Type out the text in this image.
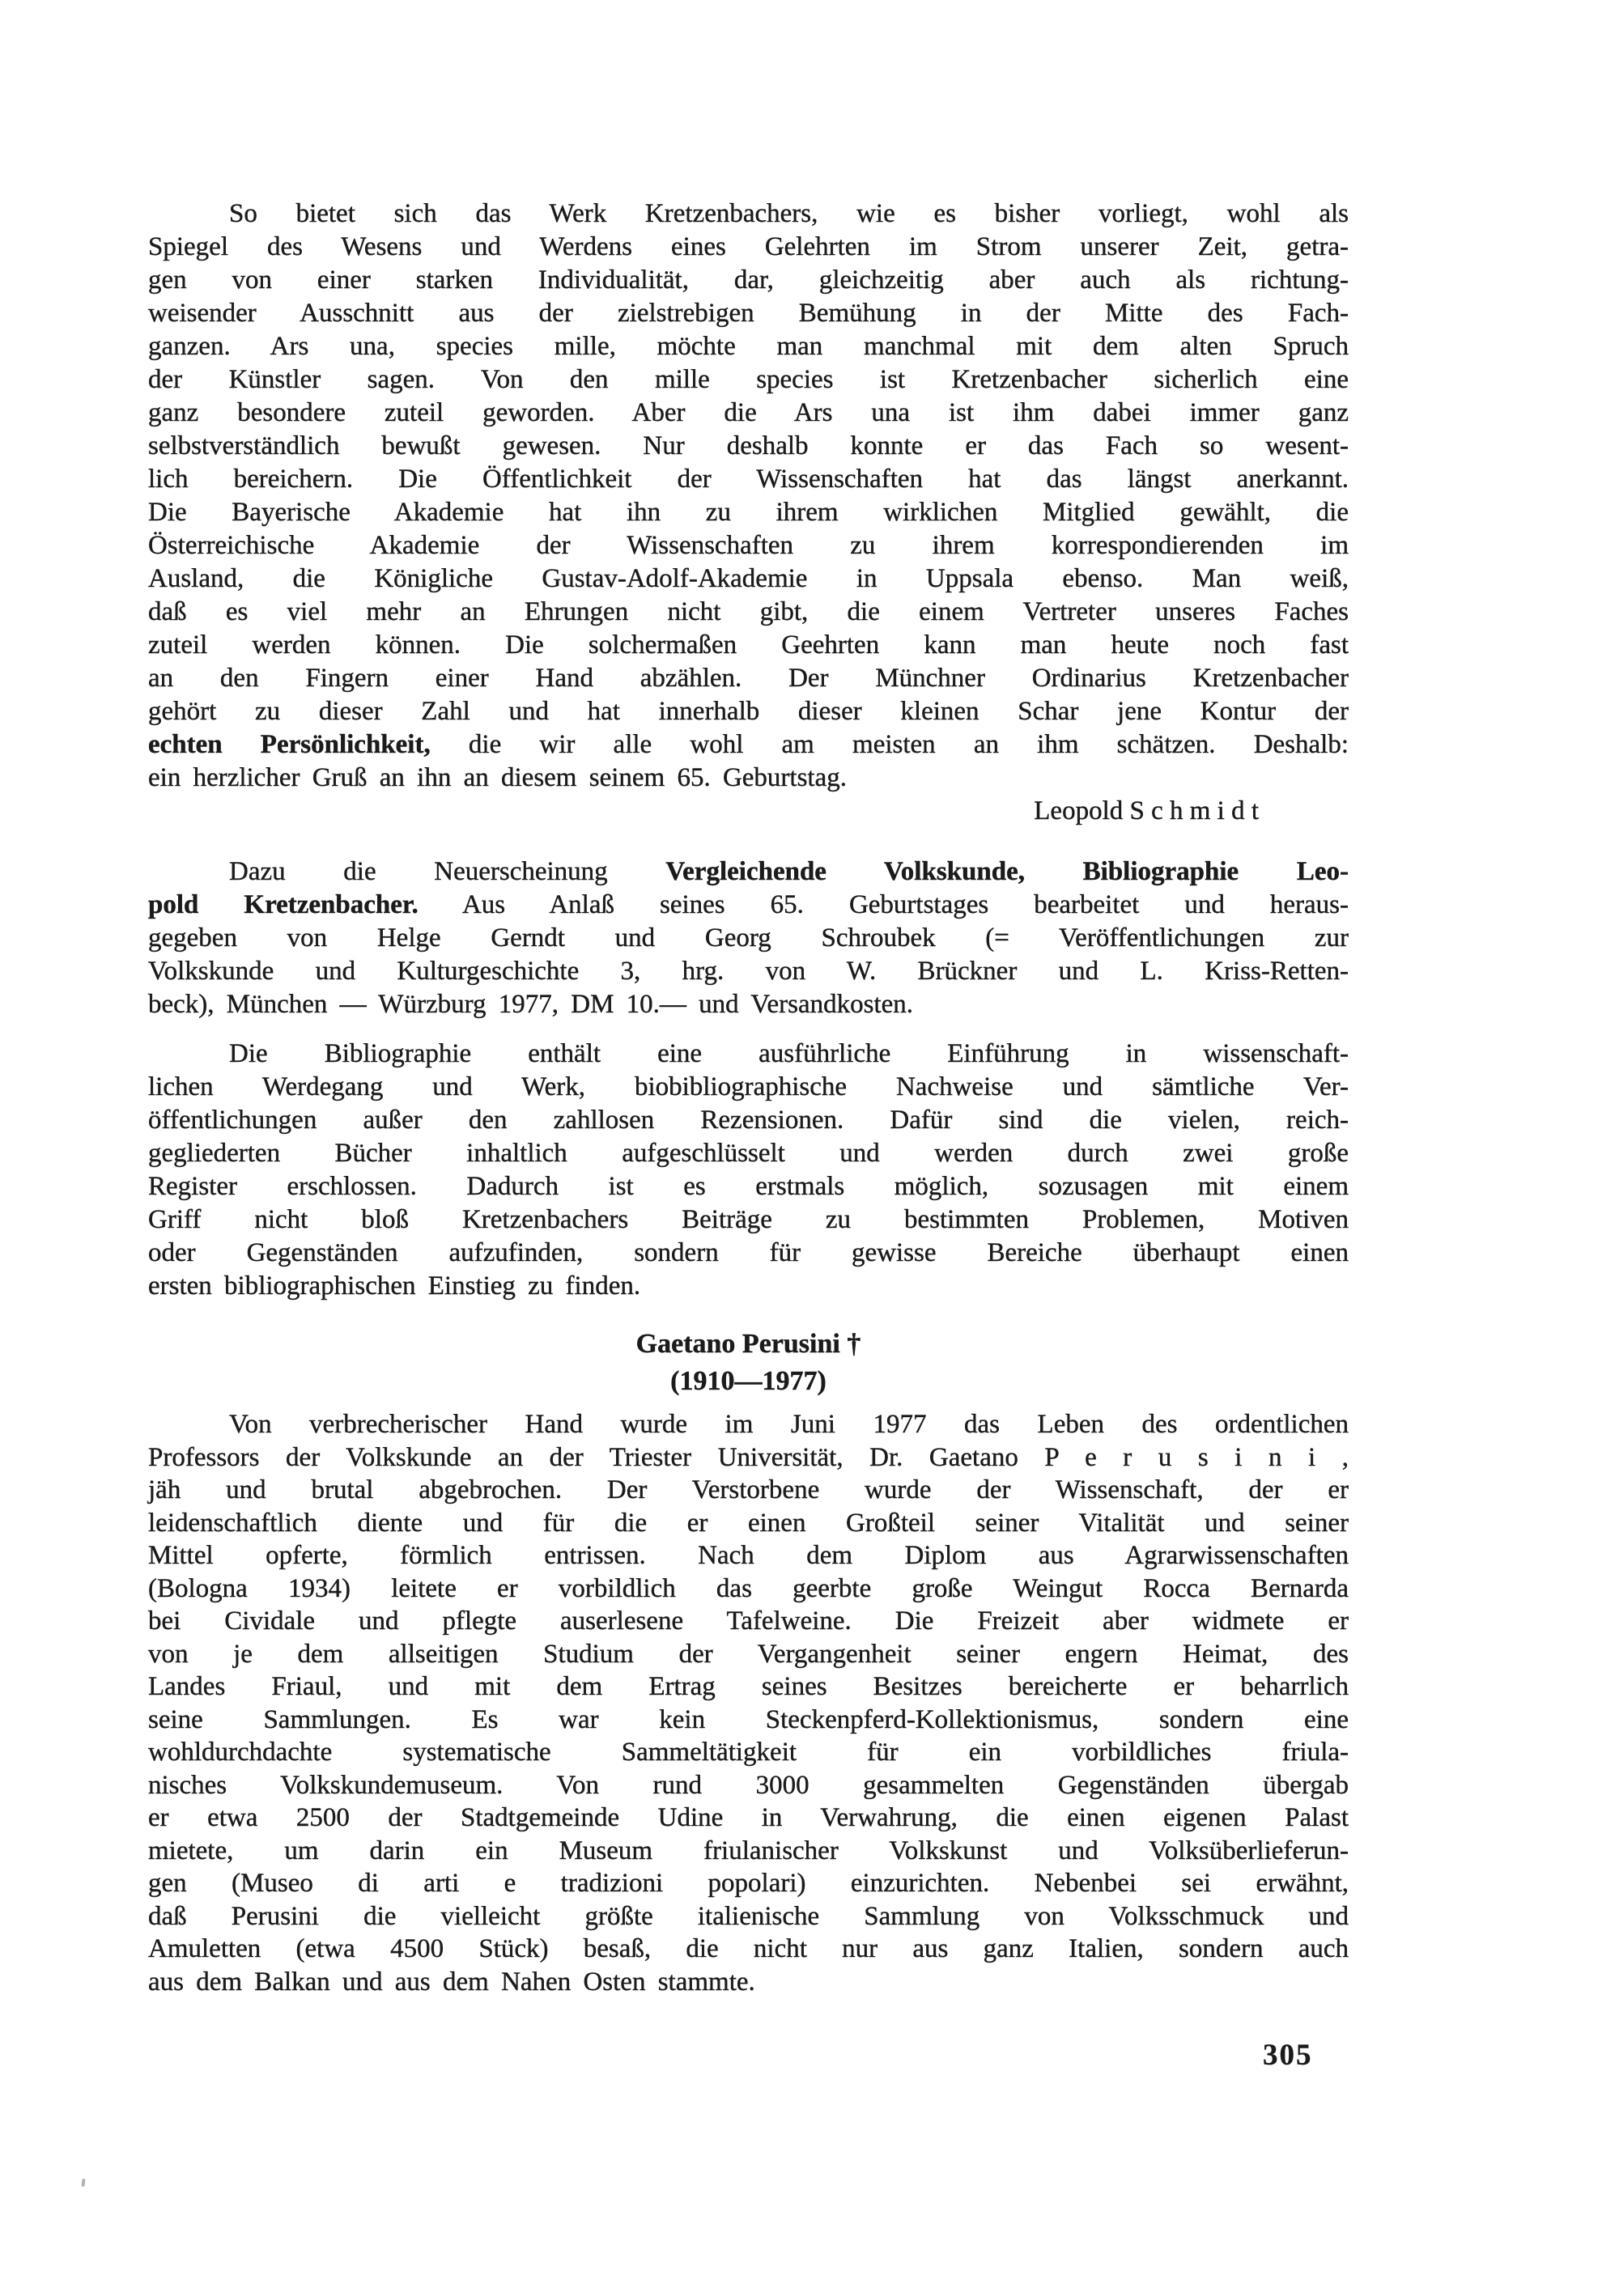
So bietet sich das Werk Kretzenbachers, wie es bisher vorliegt, wohl als
Spiegel des Wesens und Werdens eines Gelehrten im Strom unserer Zeit, getra-
gen von einer starken Individualität, dar, gleichzeitig aber auch als richtung-
weisender Ausschnitt aus der zielstrebigen Bemühung in der Mitte des Fach-
ganzen. Ars una, species mille, möchte man manchmal mit dem alten Spruch
der Künstler sagen. Von den mille species ist Kretzenbacher sicherlich eine
ganz besondere zuteil geworden. Aber die Ars una ist ihm dabei immer ganz
selbstverständlich bewußt gewesen. Nur deshalb konnte er das Fach so wesent-
lich bereichern. Die Öffentlichkeit der Wissenschaften hat das längst anerkannt.
Die Bayerische Akademie hat ihn zu ihrem wirklichen Mitglied gewählt, die
Österreichische Akademie der Wissenschaften zu ihrem korrespondierenden im
Ausland, die Königliche Gustav-Adolf-Akademie in Uppsala ebenso. Man weiß,
daß es viel mehr an Ehrungen nicht gibt, die einem Vertreter unseres Faches
zuteil werden können. Die solchermaßen Geehrten kann man heute noch fast
an den Fingern einer Hand abzählen. Der Münchner Ordinarius Kretzenbacher
gehört zu dieser Zahl und hat innerhalb dieser kleinen Schar jene Kontur der
echten Persönlichkeit, die wir alle wohl am meisten an ihm schätzen. Deshalb:
ein herzlicher Gruß an ihn an diesem seinem 65. Geburtstag.
Leopold S c h m i d t
Dazu die Neuerscheinung Vergleichende Volkskunde, Bibliographie Leo-
pold Kretzenbacher. Aus Anlaß seines 65. Geburtstages bearbeitet und heraus-
gegeben von Helge Gerndt und Georg Schroubek (= Veröffentlichungen zur
Volkskunde und Kulturgeschichte 3, hrg. von W. Brückner und L. Kriss-Retten-
beck), München — Würzburg 1977, DM 10.— und Versandkosten.
Die Bibliographie enthält eine ausführliche Einführung in wissenschaft-
lichen Werdegang und Werk, biobibliographische Nachweise und sämtliche Ver-
öffentlichungen außer den zahllosen Rezensionen. Dafür sind die vielen, reich-
gegliederten Bücher inhaltlich aufgeschlüsselt und werden durch zwei große
Register erschlossen. Dadurch ist es erstmals möglich, sozusagen mit einem
Griff nicht bloß Kretzenbachers Beiträge zu bestimmten Problemen, Motiven
oder Gegenständen aufzufinden, sondern für gewisse Bereiche überhaupt einen
ersten bibliographischen Einstieg zu finden.
Gaetano Perusini †
(1910—1977)
Von verbrecherischer Hand wurde im Juni 1977 das Leben des ordentlichen
Professors der Volkskunde an der Triester Universität, Dr. Gaetano P e r u s i n i ,
jäh und brutal abgebrochen. Der Verstorbene wurde der Wissenschaft, der er
leidenschaftlich diente und für die er einen Großteil seiner Vitalität und seiner
Mittel opferte, förmlich entrissen. Nach dem Diplom aus Agrarwissenschaften
(Bologna 1934) leitete er vorbildlich das geerbte große Weingut Rocca Bernarda
bei Cividale und pflegte auserlesene Tafelweine. Die Freizeit aber widmete er
von je dem allseitigen Studium der Vergangenheit seiner engern Heimat, des
Landes Friaul, und mit dem Ertrag seines Besitzes bereicherte er beharrlich
seine Sammlungen. Es war kein Steckenpferd-Kollektionismus, sondern eine
wohldurchdachte systematische Sammeltätigkeit für ein vorbildliches friula-
nisches Volkskundemuseum. Von rund 3000 gesammelten Gegenständen übergab
er etwa 2500 der Stadtgemeinde Udine in Verwahrung, die einen eigenen Palast
mietete, um darin ein Museum friulanischer Volkskunst und Volksüberlieferun-
gen (Museo di arti e tradizioni popolari) einzurichten. Nebenbei sei erwähnt,
daß Perusini die vielleicht größte italienische Sammlung von Volksschmuck und
Amuletten (etwa 4500 Stück) besaß, die nicht nur aus ganz Italien, sondern auch
aus dem Balkan und aus dem Nahen Osten stammte.
305
